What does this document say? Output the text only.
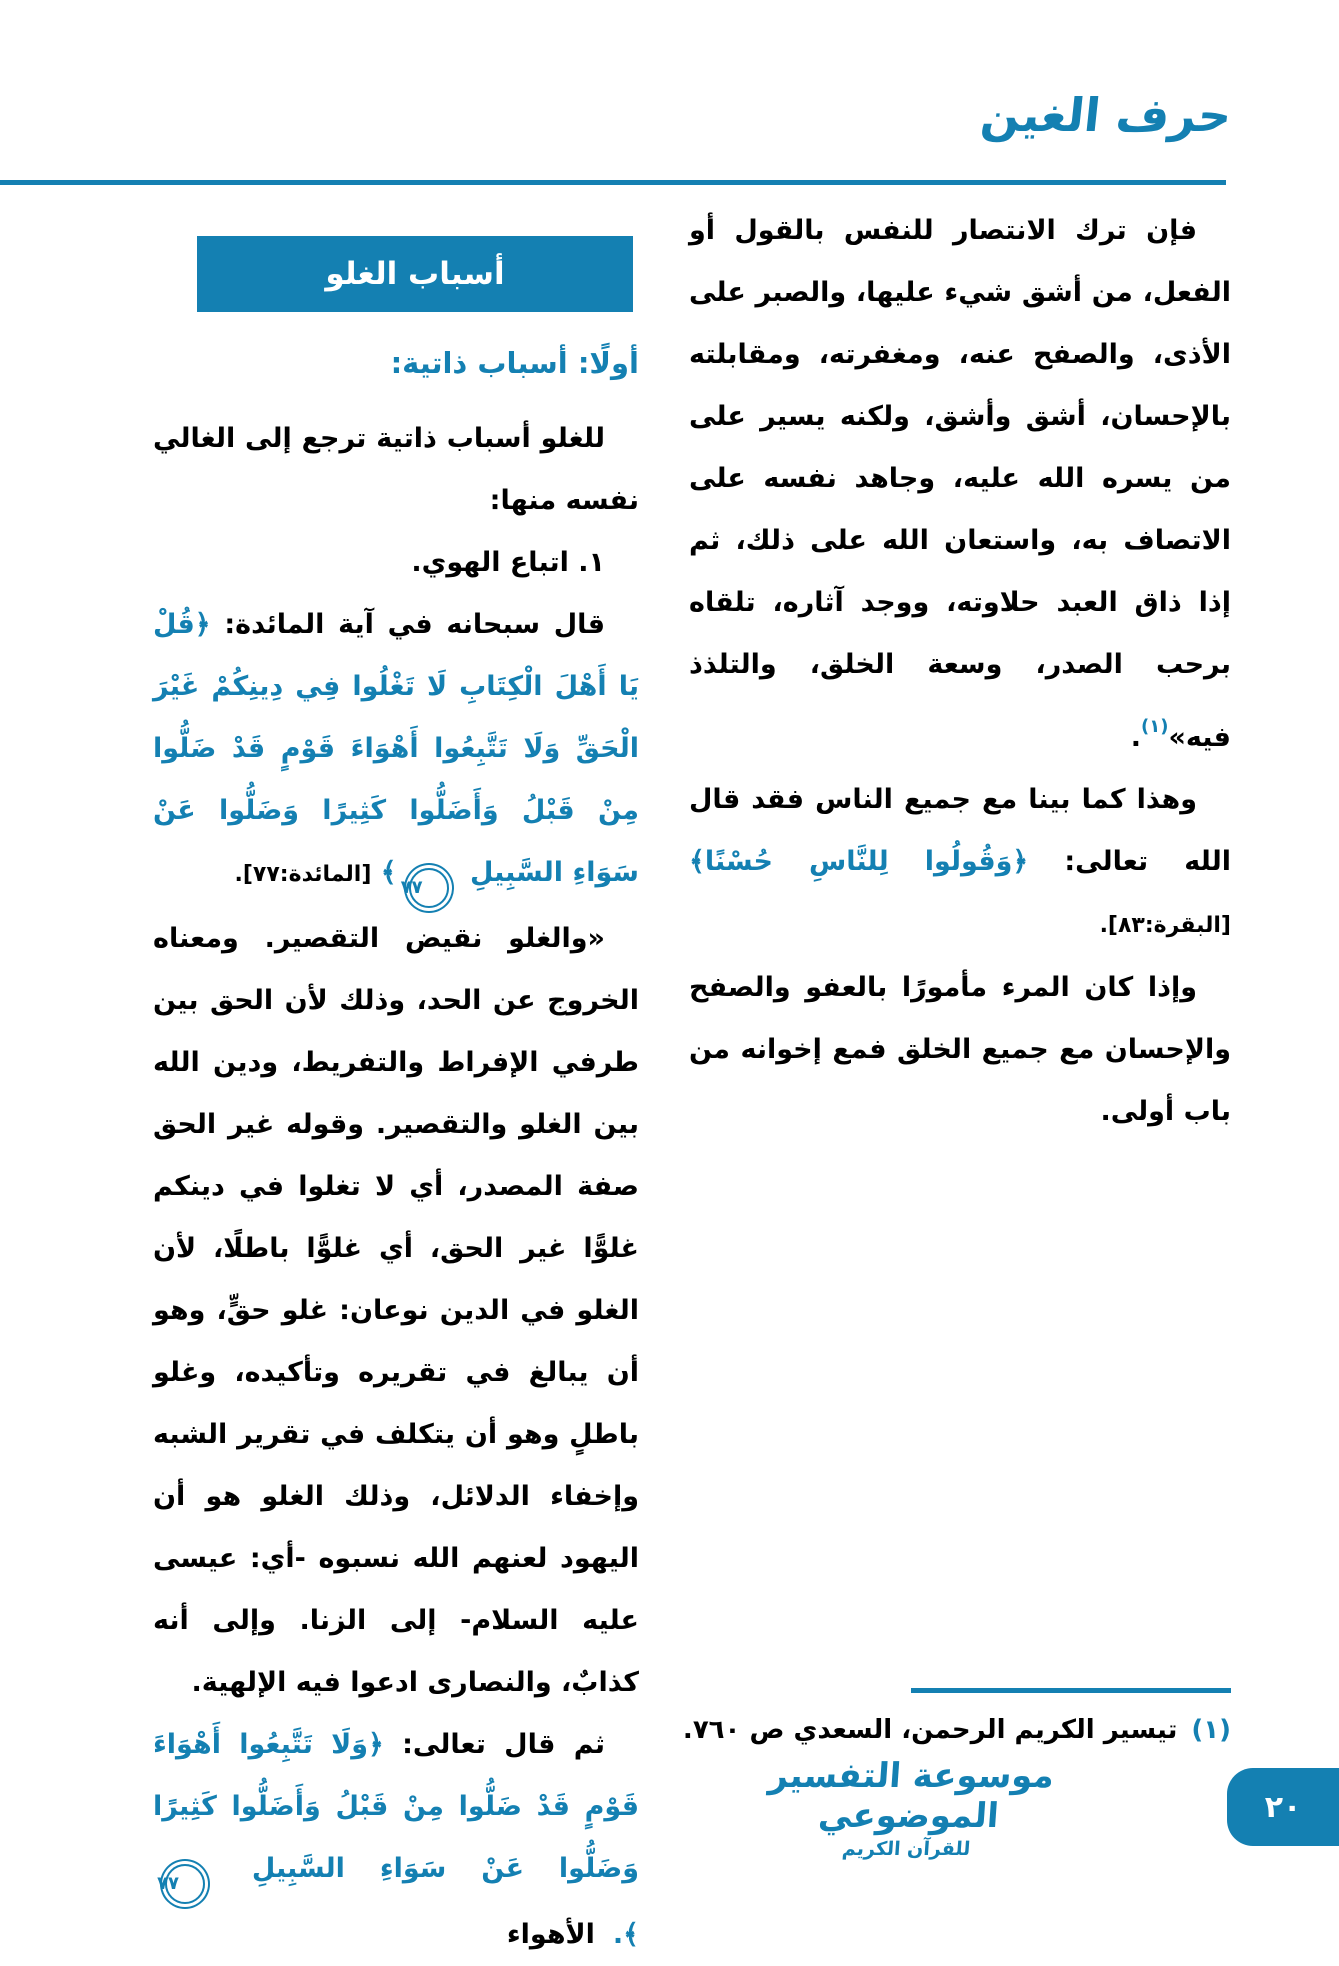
حرف الغين

فإن ترك الانتصار للنفس بالقول أو الفعل، من أشق شيء عليها، والصبر على الأذى، والصفح عنه، ومغفرته، ومقابلته بالإحسان، أشق وأشق، ولكنه يسير على من يسره الله عليه، وجاهد نفسه على الاتصاف به، واستعان الله على ذلك، ثم إذا ذاق العبد حلاوته، ووجد آثاره، تلقاه برحب الصدر، وسعة الخلق، والتلذذ فيه»$^{(١)}$.

وهذا كما بينا مع جميع الناس فقد قال الله تعالى: ﴿وَقُولُوا لِلنَّاسِ حُسْنًا﴾ [البقرة:٨٣].

وإذا كان المرء مأمورًا بالعفو والصفح والإحسان مع جميع الخلق فمع إخوانه من باب أولى.

أسباب الغلو
أولًا: أسباب ذاتية:

للغلو أسباب ذاتية ترجع إلى الغالي نفسه منها:

١. اتباع الهوي.

قال سبحانه في آية المائدة: ﴿قُلْ يَا أَهْلَ الْكِتَابِ لَا تَغْلُوا فِي دِينِكُمْ غَيْرَ الْحَقِّ وَلَا تَتَّبِعُوا أَهْوَاءَ قَوْمٍ قَدْ ضَلُّوا مِنْ قَبْلُ وَأَضَلُّوا كَثِيرًا وَضَلُّوا عَنْ سَوَاءِ السَّبِيلِ ٧٧﴾ [المائدة:٧٧].

«والغلو نقيض التقصير. ومعناه الخروج عن الحد، وذلك لأن الحق بين طرفي الإفراط والتفريط، ودين الله بين الغلو والتقصير. وقوله غير الحق صفة المصدر، أي لا تغلوا في دينكم غلوًّا غير الحق، أي غلوًّا باطلًا، لأن الغلو في الدين نوعان: غلو حقٍّ، وهو أن يبالغ في تقريره وتأكيده، وغلو باطلٍ وهو أن يتكلف في تقرير الشبه وإخفاء الدلائل، وذلك الغلو هو أن اليهود لعنهم الله نسبوه -أي: عيسى عليه السلام- إلى الزنا. وإلى أنه كذابٌ، والنصارى ادعوا فيه الإلهية.

ثم قال تعالى: ﴿وَلَا تَتَّبِعُوا أَهْوَاءَ قَوْمٍ قَدْ ضَلُّوا مِنْ قَبْلُ وَأَضَلُّوا كَثِيرًا وَضَلُّوا عَنْ سَوَاءِ السَّبِيلِ ٧٧﴾.الأهواء

(١)تيسير الكريم الرحمن، السعدي ص ٧٦٠.
موسوعة التفسير الموضوعي
للقرآن الكريم
٢٠
